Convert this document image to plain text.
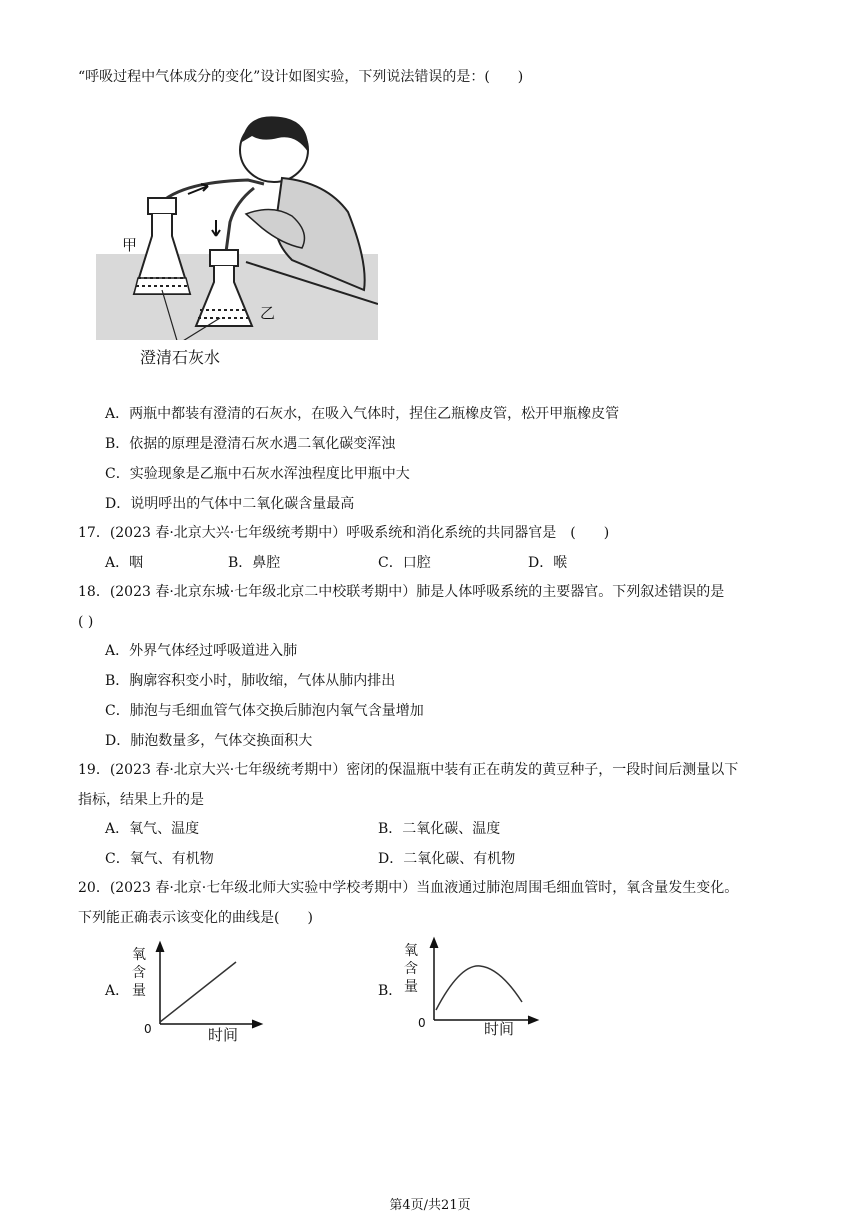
“呼吸过程中气体成分的变化”设计如图实验，下列说法错误的是：(　　)
甲
乙
澄清石灰水
A．两瓶中都装有澄清的石灰水，在吸入气体时，捏住乙瓶橡皮管，松开甲瓶橡皮管
B．依据的原理是澄清石灰水遇二氧化碳变浑浊
C．实验现象是乙瓶中石灰水浑浊程度比甲瓶中大
D．说明呼出的气体中二氧化碳含量最高
17．(2023 春·北京大兴·七年级统考期中）呼吸系统和消化系统的共同器官是　(　　)
A．咽	B．鼻腔	C．口腔	D．喉
18．(2023 春·北京东城·七年级北京二中校联考期中）肺是人体呼吸系统的主要器官。下列叙述错误的是
( )
A．外界气体经过呼吸道进入肺
B．胸廓容积变小时，肺收缩，气体从肺内排出
C．肺泡与毛细血管气体交换后肺泡内氧气含量增加
D．肺泡数量多，气体交换面积大
19．(2023 春·北京大兴·七年级统考期中）密闭的保温瓶中装有正在萌发的黄豆种子，一段时间后测量以下
指标，结果上升的是
A．氧气、温度	B．二氧化碳、温度
C．氧气、有机物	D．二氧化碳、有机物
20．(2023 春·北京·七年级北师大实验中学校考期中）当血液通过肺泡周围毛细血管时，氧含量发生变化。
下列能正确表示该变化的曲线是(　　)
A．
氧
含
量
0	时间
B．
氧
含
量
0	时间
第4页/共21页
